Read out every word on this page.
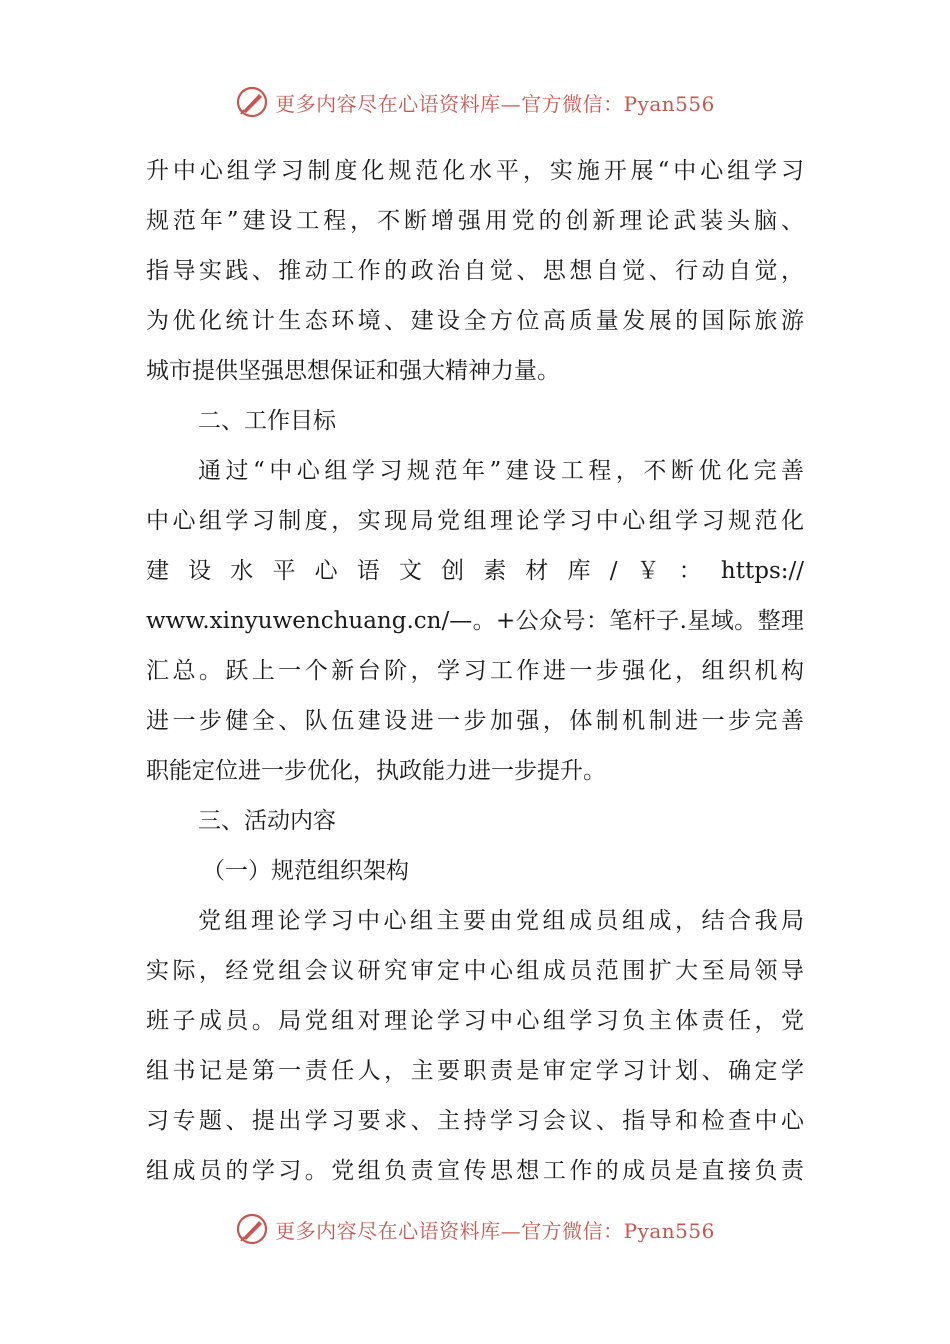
更多内容尽在心语资料库—官方微信：Pyan556
升中心组学习制度化规范化水平，实施开展“中心组学习
规范年”建设工程，不断增强用党的创新理论武装头脑、
指导实践、推动工作的政治自觉、思想自觉、行动自觉，
为优化统计生态环境、建设全方位高质量发展的国际旅游
城市提供坚强思想保证和强大精神力量。
二、工作目标
通过“中心组学习规范年”建设工程，不断优化完善
中心组学习制度，实现局党组理论学习中心组学习规范化
建设水平心语文创素材库/￥：https://
www.xinyuwenchuang.cn/—。+公众号：笔杆子.星域。整理
汇总。跃上一个新台阶，学习工作进一步强化，组织机构
进一步健全、队伍建设进一步加强，体制机制进一步完善
职能定位进一步优化，执政能力进一步提升。
三、活动内容
（一）规范组织架构
党组理论学习中心组主要由党组成员组成，结合我局
实际，经党组会议研究审定中心组成员范围扩大至局领导
班子成员。局党组对理论学习中心组学习负主体责任，党
组书记是第一责任人，主要职责是审定学习计划、确定学
习专题、提出学习要求、主持学习会议、指导和检查中心
组成员的学习。党组负责宣传思想工作的成员是直接负责
更多内容尽在心语资料库—官方微信：Pyan556
